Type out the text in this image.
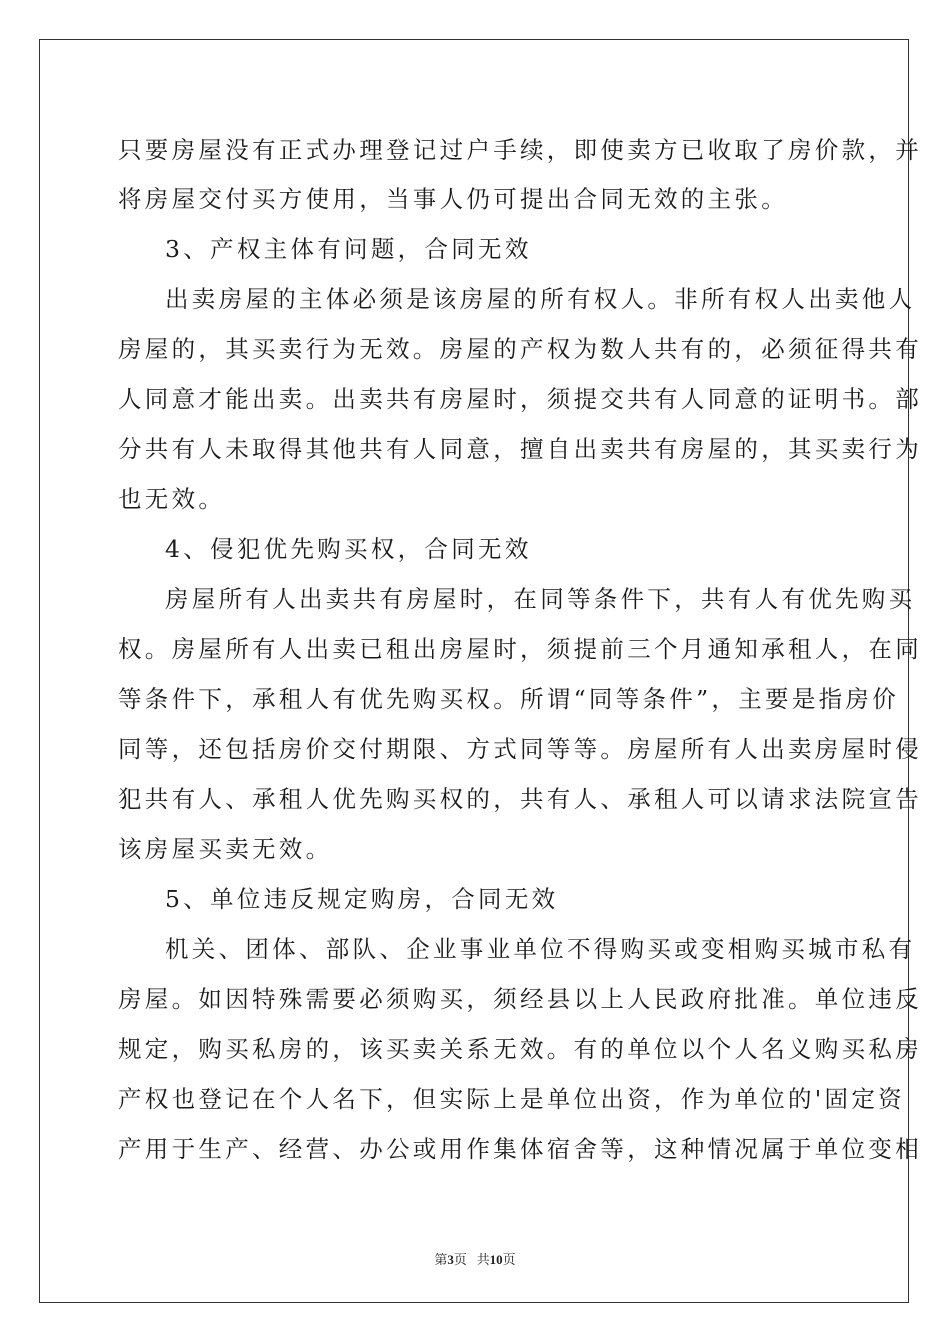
只要房屋没有正式办理登记过户手续，即使卖方已收取了房价款，并
将房屋交付买方使用，当事人仍可提出合同无效的主张。
3、产权主体有问题，合同无效
出卖房屋的主体必须是该房屋的所有权人。非所有权人出卖他人
房屋的，其买卖行为无效。房屋的产权为数人共有的，必须征得共有
人同意才能出卖。出卖共有房屋时，须提交共有人同意的证明书。部
分共有人未取得其他共有人同意，擅自出卖共有房屋的，其买卖行为
也无效。
4、侵犯优先购买权，合同无效
房屋所有人出卖共有房屋时，在同等条件下，共有人有优先购买
权。房屋所有人出卖已租出房屋时，须提前三个月通知承租人，在同
等条件下，承租人有优先购买权。所谓“同等条件”，主要是指房价
同等，还包括房价交付期限、方式同等等。房屋所有人出卖房屋时侵
犯共有人、承租人优先购买权的，共有人、承租人可以请求法院宣告
该房屋买卖无效。
5、单位违反规定购房，合同无效
机关、团体、部队、企业事业单位不得购买或变相购买城市私有
房屋。如因特殊需要必须购买，须经县以上人民政府批准。单位违反
规定，购买私房的，该买卖关系无效。有的单位以个人名义购买私房
产权也登记在个人名下，但实际上是单位出资，作为单位的'固定资
产用于生产、经营、办公或用作集体宿舍等，这种情况属于单位变相
第3页 共10页
